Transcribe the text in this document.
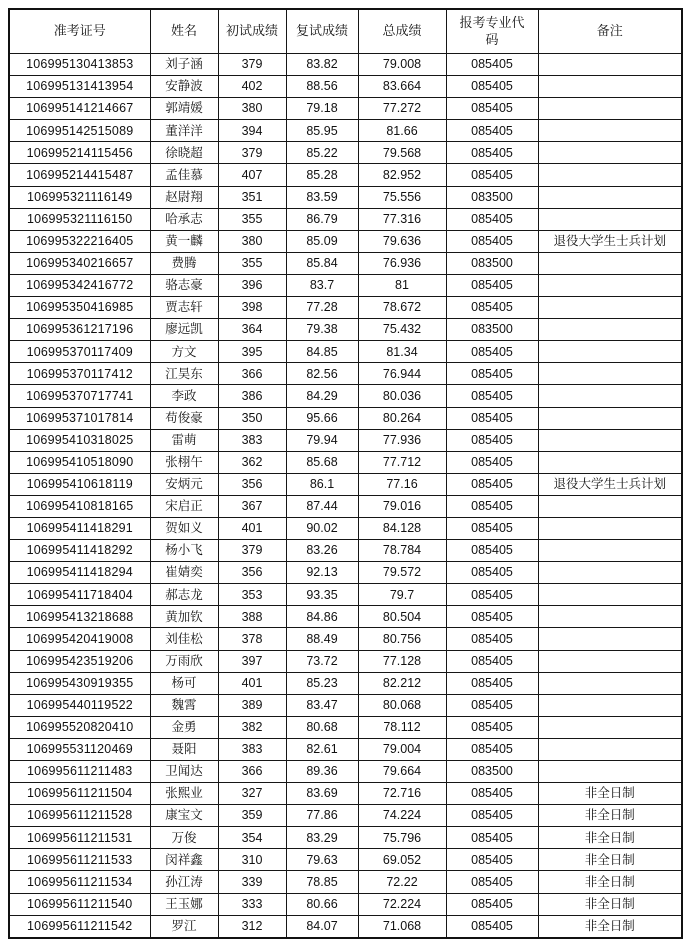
准考证号	姓名	初试成绩	复试成绩	总成绩	报考专业代码	备注
106995130413853	刘子涵	379	83.82	79.008	085405	
106995131413954	安静波	402	88.56	83.664	085405	
106995141214667	郭靖媛	380	79.18	77.272	085405	
106995142515089	董洋洋	394	85.95	81.66	085405	
106995214115456	徐晓超	379	85.22	79.568	085405	
106995214415487	孟佳慕	407	85.28	82.952	085405	
106995321116149	赵尉翔	351	83.59	75.556	083500	
106995321116150	哈承志	355	86.79	77.316	085405	
106995322216405	黄一麟	380	85.09	79.636	085405	退役大学生士兵计划
106995340216657	费腾	355	85.84	76.936	083500	
106995342416772	骆志豪	396	83.7	81	085405	
106995350416985	贾志轩	398	77.28	78.672	085405	
106995361217196	廖远凯	364	79.38	75.432	083500	
106995370117409	方文	395	84.85	81.34	085405	
106995370117412	江昊东	366	82.56	76.944	085405	
106995370717741	李政	386	84.29	80.036	085405	
106995371017814	苟俊豪	350	95.66	80.264	085405	
106995410318025	雷萌	383	79.94	77.936	085405	
106995410518090	张栩午	362	85.68	77.712	085405	
106995410618119	安炳元	356	86.1	77.16	085405	退役大学生士兵计划
106995410818165	宋启正	367	87.44	79.016	085405	
106995411418291	贺如义	401	90.02	84.128	085405	
106995411418292	杨小飞	379	83.26	78.784	085405	
106995411418294	崔婧奕	356	92.13	79.572	085405	
106995411718404	郝志龙	353	93.35	79.7	085405	
106995413218688	黄加钦	388	84.86	80.504	085405	
106995420419008	刘佳松	378	88.49	80.756	085405	
106995423519206	万雨欣	397	73.72	77.128	085405	
106995430919355	杨可	401	85.23	82.212	085405	
106995440119522	魏霄	389	83.47	80.068	085405	
106995520820410	金勇	382	80.68	78.112	085405	
106995531120469	聂阳	383	82.61	79.004	085405	
106995611211483	卫闻达	366	89.36	79.664	083500	
106995611211504	张熙业	327	83.69	72.716	085405	非全日制
106995611211528	康宝文	359	77.86	74.224	085405	非全日制
106995611211531	万俊	354	83.29	75.796	085405	非全日制
106995611211533	闵祥鑫	310	79.63	69.052	085405	非全日制
106995611211534	孙江涛	339	78.85	72.22	085405	非全日制
106995611211540	王玉娜	333	80.66	72.224	085405	非全日制
106995611211542	罗江	312	84.07	71.068	085405	非全日制
